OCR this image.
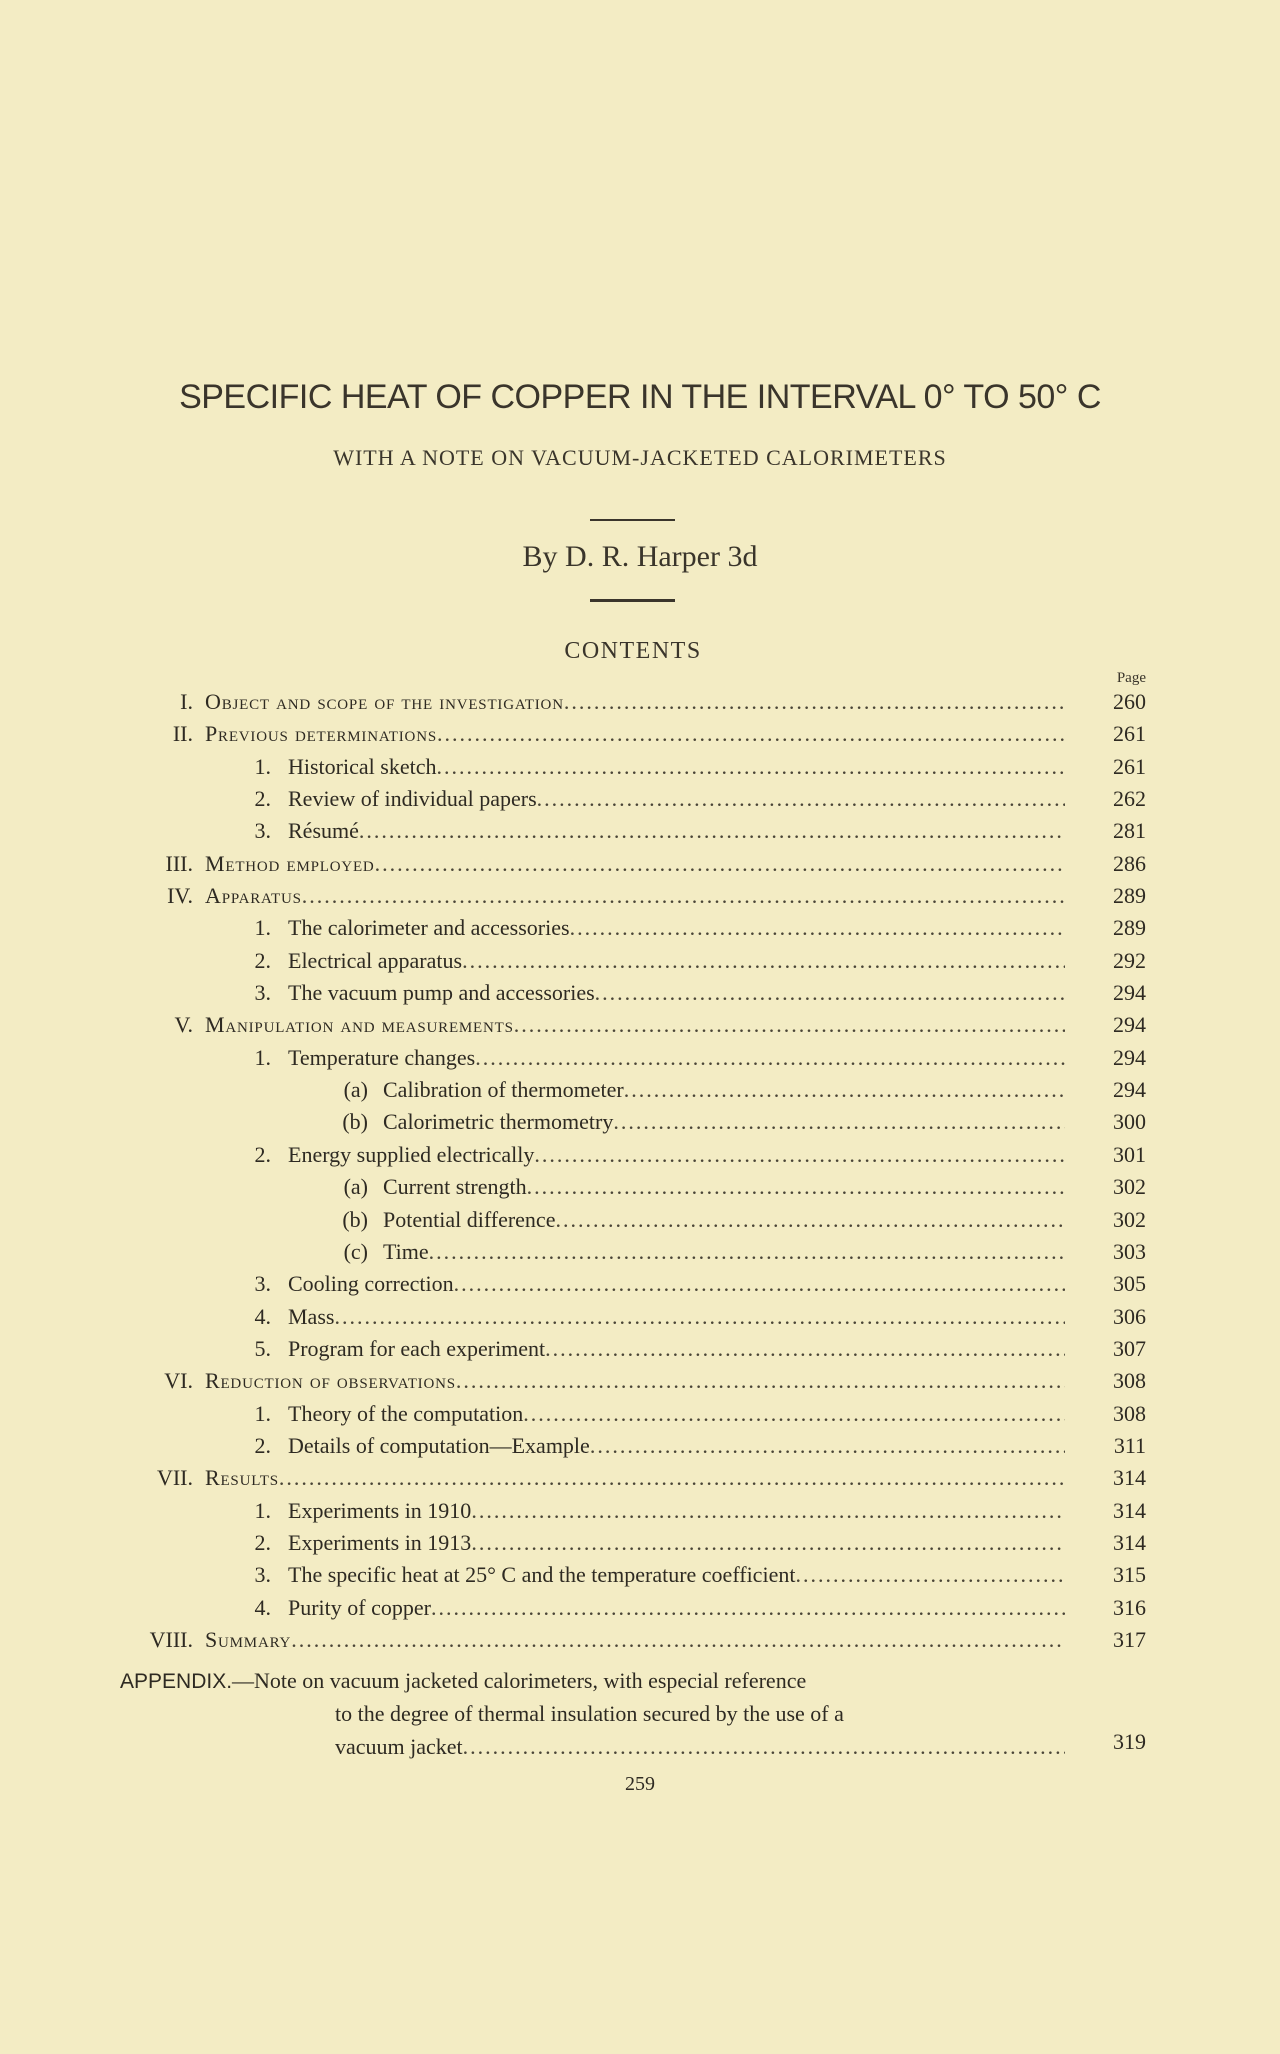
SPECIFIC HEAT OF COPPER IN THE INTERVAL 0° TO 50° C
WITH A NOTE ON VACUUM-JACKETED CALORIMETERS
By D. R. Harper 3d
CONTENTS
Page
I. Object and scope of the investigation .....	260
II. Previous determinations .....	261
1. Historical sketch .....	261
2. Review of individual papers .....	262
3. Résumé .....	281
III. Method employed .....	286
IV. Apparatus .....	289
1. The calorimeter and accessories .....	289
2. Electrical apparatus .....	292
3. The vacuum pump and accessories .....	294
V. Manipulation and measurements .....	294
1. Temperature changes .....	294
(a) Calibration of thermometer .....	294
(b) Calorimetric thermometry .....	300
2. Energy supplied electrically .....	301
(a) Current strength .....	302
(b) Potential difference .....	302
(c) Time .....	303
3. Cooling correction .....	305
4. Mass .....	306
5. Program for each experiment .....	307
VI. Reduction of observations .....	308
1. Theory of the computation .....	308
2. Details of computation—Example .....	311
VII. Results .....	314
1. Experiments in 1910 .....	314
2. Experiments in 1913 .....	314
3. The specific heat at 25° C and the temperature coefficient .....	315
4. Purity of copper .....	316
VIII. Summary .....	317
APPENDIX.—Note on vacuum jacketed calorimeters, with especial reference
to the degree of thermal insulation secured by the use of a
vacuum jacket .....	319
259
